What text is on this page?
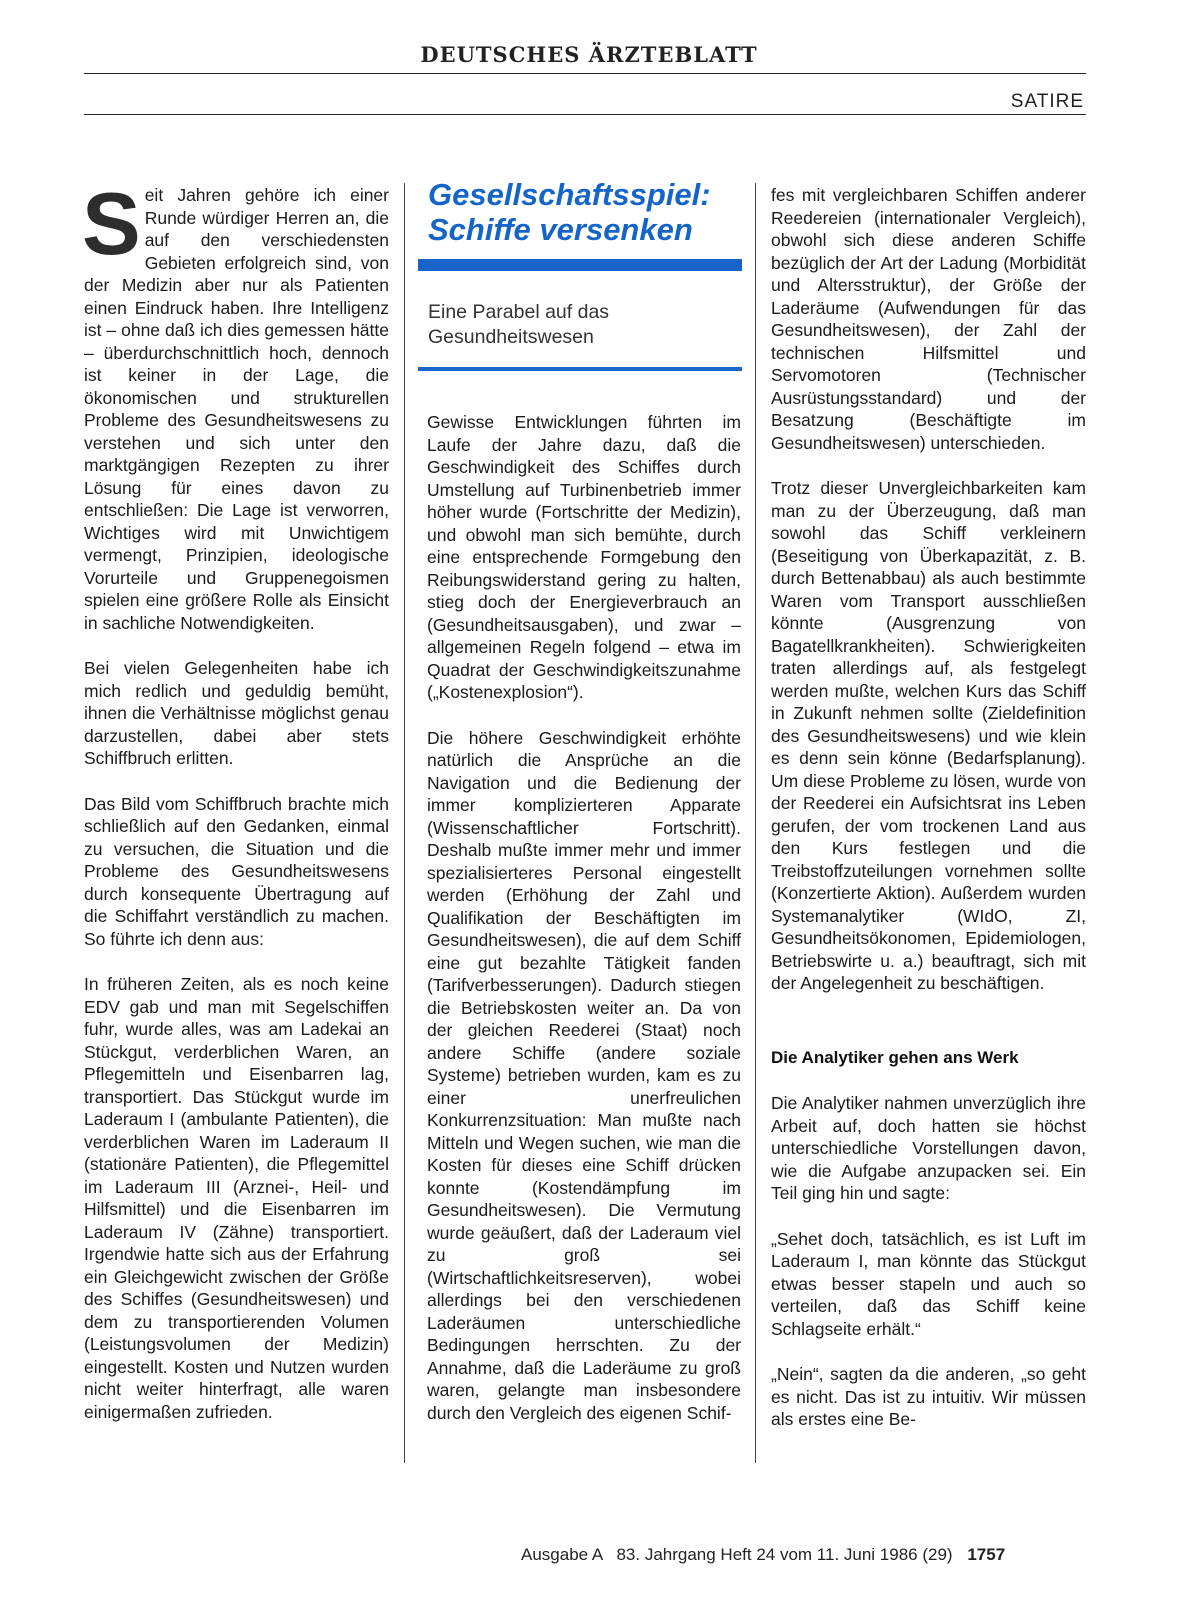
DEUTSCHES ÄRZTEBLATT
SATIRE

S eit Jahren gehöre ich einer Runde würdiger Herren an, die auf den verschiedensten Gebieten erfolgreich sind, von der Medizin aber nur als Patienten einen Eindruck haben. Ihre Intelligenz ist – ohne daß ich dies gemessen hätte – überdurchschnittlich hoch, dennoch ist keiner in der Lage, die ökonomischen und strukturellen Probleme des Gesundheitswesens zu verstehen und sich unter den marktgängigen Rezepten zu ihrer Lösung für eines davon zu entschließen: Die Lage ist verworren, Wichtiges wird mit Unwichtigem vermengt, Prinzipien, ideologische Vorurteile und Gruppenegoismen spielen eine größere Rolle als Einsicht in sachliche Notwendigkeiten.

Bei vielen Gelegenheiten habe ich mich redlich und geduldig bemüht, ihnen die Verhältnisse möglichst genau darzustellen, dabei aber stets Schiffbruch erlitten.

Das Bild vom Schiffbruch brachte mich schließlich auf den Gedanken, einmal zu versuchen, die Situation und die Probleme des Gesundheitswesens durch konsequente Übertragung auf die Schiffahrt verständlich zu machen. So führte ich denn aus:

In früheren Zeiten, als es noch keine EDV gab und man mit Segelschiffen fuhr, wurde alles, was am Ladekai an Stückgut, verderblichen Waren, an Pflegemitteln und Eisenbarren lag, transportiert. Das Stückgut wurde im Laderaum I (ambulante Patienten), die verderblichen Waren im Laderaum II (stationäre Patienten), die Pflegemittel im Laderaum III (Arznei-, Heil- und Hilfsmittel) und die Eisenbarren im Laderaum IV (Zähne) transportiert. Irgendwie hatte sich aus der Erfahrung ein Gleichgewicht zwischen der Größe des Schiffes (Gesundheitswesen) und dem zu transportierenden Volumen (Leistungsvolumen der Medizin) eingestellt. Kosten und Nutzen wurden nicht weiter hinterfragt, alle waren einigermaßen zufrieden.

Gesellschaftsspiel: Schiffe versenken
Eine Parabel auf das Gesundheitswesen

Gewisse Entwicklungen führten im Laufe der Jahre dazu, daß die Geschwindigkeit des Schiffes durch Umstellung auf Turbinenbetrieb immer höher wurde (Fortschritte der Medizin), und obwohl man sich bemühte, durch eine entsprechende Formgebung den Reibungswiderstand gering zu halten, stieg doch der Energieverbrauch an (Gesundheitsausgaben), und zwar – allgemeinen Regeln folgend – etwa im Quadrat der Geschwindigkeitszunahme („Kostenexplosion“).

Die höhere Geschwindigkeit erhöhte natürlich die Ansprüche an die Navigation und die Bedienung der immer komplizierteren Apparate (Wissenschaftlicher Fortschritt). Deshalb mußte immer mehr und immer spezialisierteres Personal eingestellt werden (Erhöhung der Zahl und Qualifikation der Beschäftigten im Gesundheitswesen), die auf dem Schiff eine gut bezahlte Tätigkeit fanden (Tarifverbesserungen). Dadurch stiegen die Betriebskosten weiter an. Da von der gleichen Reederei (Staat) noch andere Schiffe (andere soziale Systeme) betrieben wurden, kam es zu einer unerfreulichen Konkurrenzsituation: Man mußte nach Mitteln und Wegen suchen, wie man die Kosten für dieses eine Schiff drücken konnte (Kostendämpfung im Gesundheitswesen). Die Vermutung wurde geäußert, daß der Laderaum viel zu groß sei (Wirtschaftlichkeitsreserven), wobei allerdings bei den verschiedenen Laderäumen unterschiedliche Bedingungen herrschten. Zu der Annahme, daß die Laderäume zu groß waren, gelangte man insbesondere durch den Vergleich des eigenen Schif-

fes mit vergleichbaren Schiffen anderer Reedereien (internationaler Vergleich), obwohl sich diese anderen Schiffe bezüglich der Art der Ladung (Morbidität und Altersstruktur), der Größe der Laderäume (Aufwendungen für das Gesundheitswesen), der Zahl der technischen Hilfsmittel und Servomotoren (Technischer Ausrüstungsstandard) und der Besatzung (Beschäftigte im Gesundheitswesen) unterschieden.

Trotz dieser Unvergleichbarkeiten kam man zu der Überzeugung, daß man sowohl das Schiff verkleinern (Beseitigung von Überkapazität, z. B. durch Bettenabbau) als auch bestimmte Waren vom Transport ausschließen könnte (Ausgrenzung von Bagatellkrankheiten). Schwierigkeiten traten allerdings auf, als festgelegt werden mußte, welchen Kurs das Schiff in Zukunft nehmen sollte (Zieldefinition des Gesundheitswesens) und wie klein es denn sein könne (Bedarfsplanung). Um diese Probleme zu lösen, wurde von der Reederei ein Aufsichtsrat ins Leben gerufen, der vom trockenen Land aus den Kurs festlegen und die Treibstoffzuteilungen vornehmen sollte (Konzertierte Aktion). Außerdem wurden Systemanalytiker (WIdO, ZI, Gesundheitsökonomen, Epidemiologen, Betriebswirte u. a.) beauftragt, sich mit der Angelegenheit zu beschäftigen.

Die Analytiker gehen ans Werk

Die Analytiker nahmen unverzüglich ihre Arbeit auf, doch hatten sie höchst unterschiedliche Vorstellungen davon, wie die Aufgabe anzupacken sei. Ein Teil ging hin und sagte:

„Sehet doch, tatsächlich, es ist Luft im Laderaum I, man könnte das Stückgut etwas besser stapeln und auch so verteilen, daß das Schiff keine Schlagseite erhält.“

„Nein“, sagten da die anderen, „so geht es nicht. Das ist zu intuitiv. Wir müssen als erstes eine Be-

Ausgabe A   83. Jahrgang Heft 24 vom 11. Juni 1986 (29) 1757
